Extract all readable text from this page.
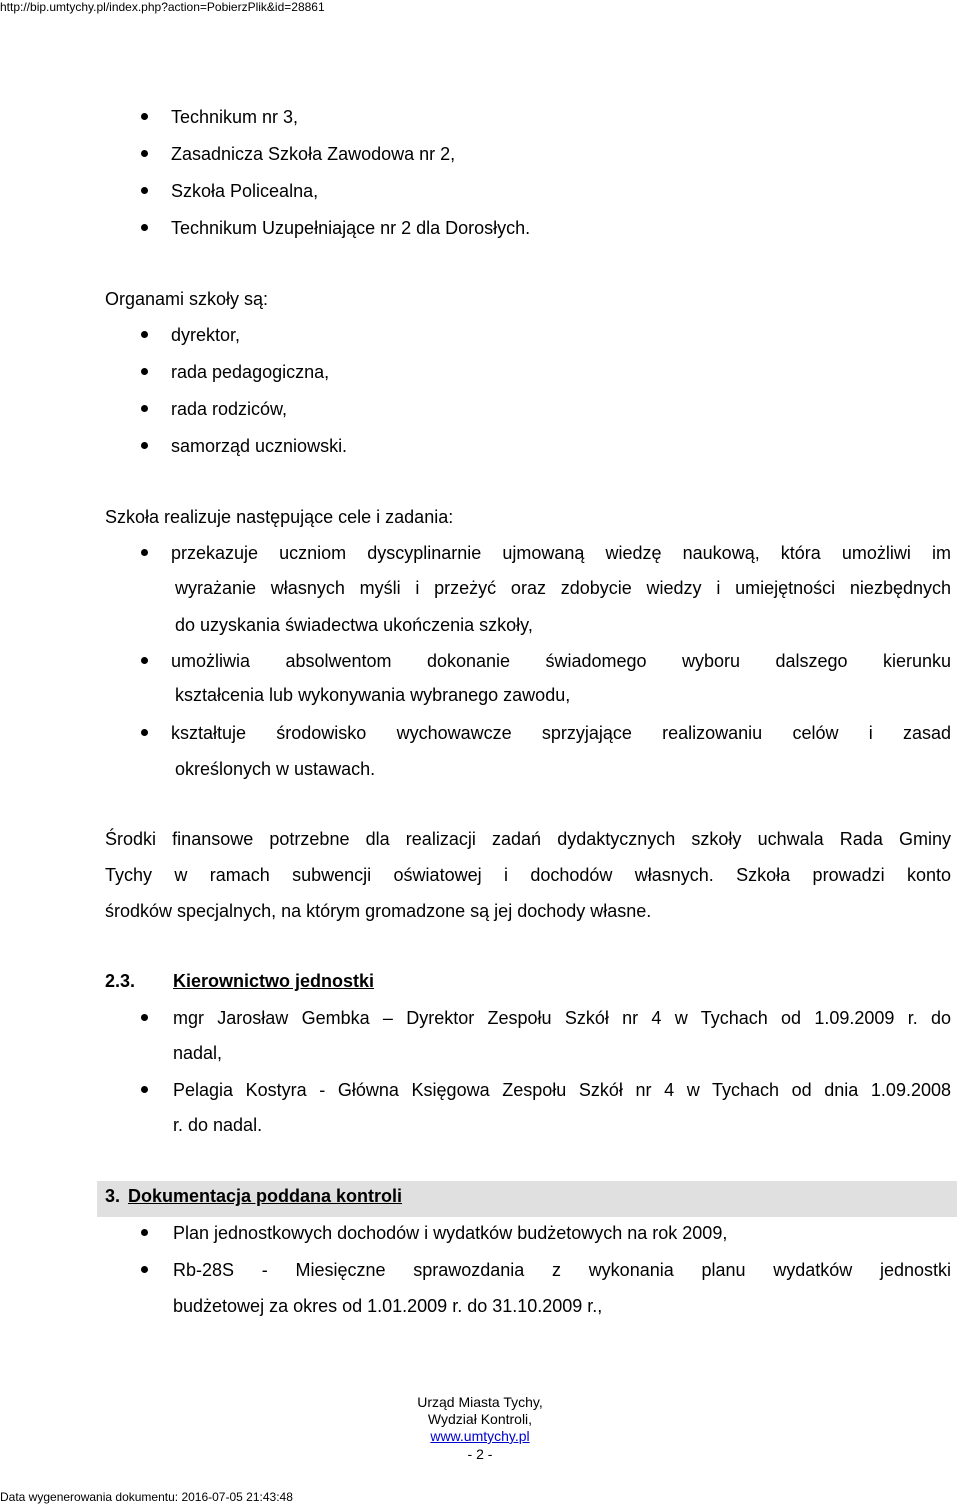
http://bip.umtychy.pl/index.php?action=PobierzPlik&id=28861
Technikum nr 3,
Zasadnicza Szkoła Zawodowa nr 2,
Szkoła Policealna,
Technikum Uzupełniające nr 2 dla Dorosłych.
Organami szkoły są:
dyrektor,
rada pedagogiczna,
rada rodziców,
samorząd uczniowski.
Szkoła realizuje następujące cele i zadania:
przekazuje uczniom dyscyplinarnie ujmowaną wiedzę naukową, która umożliwi im
wyrażanie własnych myśli i przeżyć oraz zdobycie wiedzy i umiejętności niezbędnych
do uzyskania świadectwa ukończenia szkoły,
umożliwia absolwentom dokonanie świadomego wyboru dalszego kierunku
kształcenia lub wykonywania wybranego zawodu,
kształtuje środowisko wychowawcze sprzyjające realizowaniu celów i zasad
określonych w ustawach.
Środki finansowe potrzebne dla realizacji zadań dydaktycznych szkoły uchwala Rada Gminy
Tychy w ramach subwencji oświatowej i dochodów własnych. Szkoła prowadzi konto
środków specjalnych, na którym gromadzone są jej dochody własne.
2.3. Kierownictwo jednostki
mgr Jarosław Gembka – Dyrektor Zespołu Szkół nr 4 w Tychach od 1.09.2009 r. do
nadal,
Pelagia Kostyra - Główna Księgowa Zespołu Szkół nr 4 w Tychach od dnia 1.09.2008
r. do nadal.
3. Dokumentacja poddana kontroli
Plan jednostkowych dochodów i wydatków budżetowych na rok 2009,
Rb-28S - Miesięczne sprawozdania z wykonania planu wydatków jednostki
budżetowej za okres od 1.01.2009 r. do 31.10.2009 r.,
Urząd Miasta Tychy,
Wydział Kontroli,
www.umtychy.pl
- 2 -
Data wygenerowania dokumentu: 2016-07-05 21:43:48
